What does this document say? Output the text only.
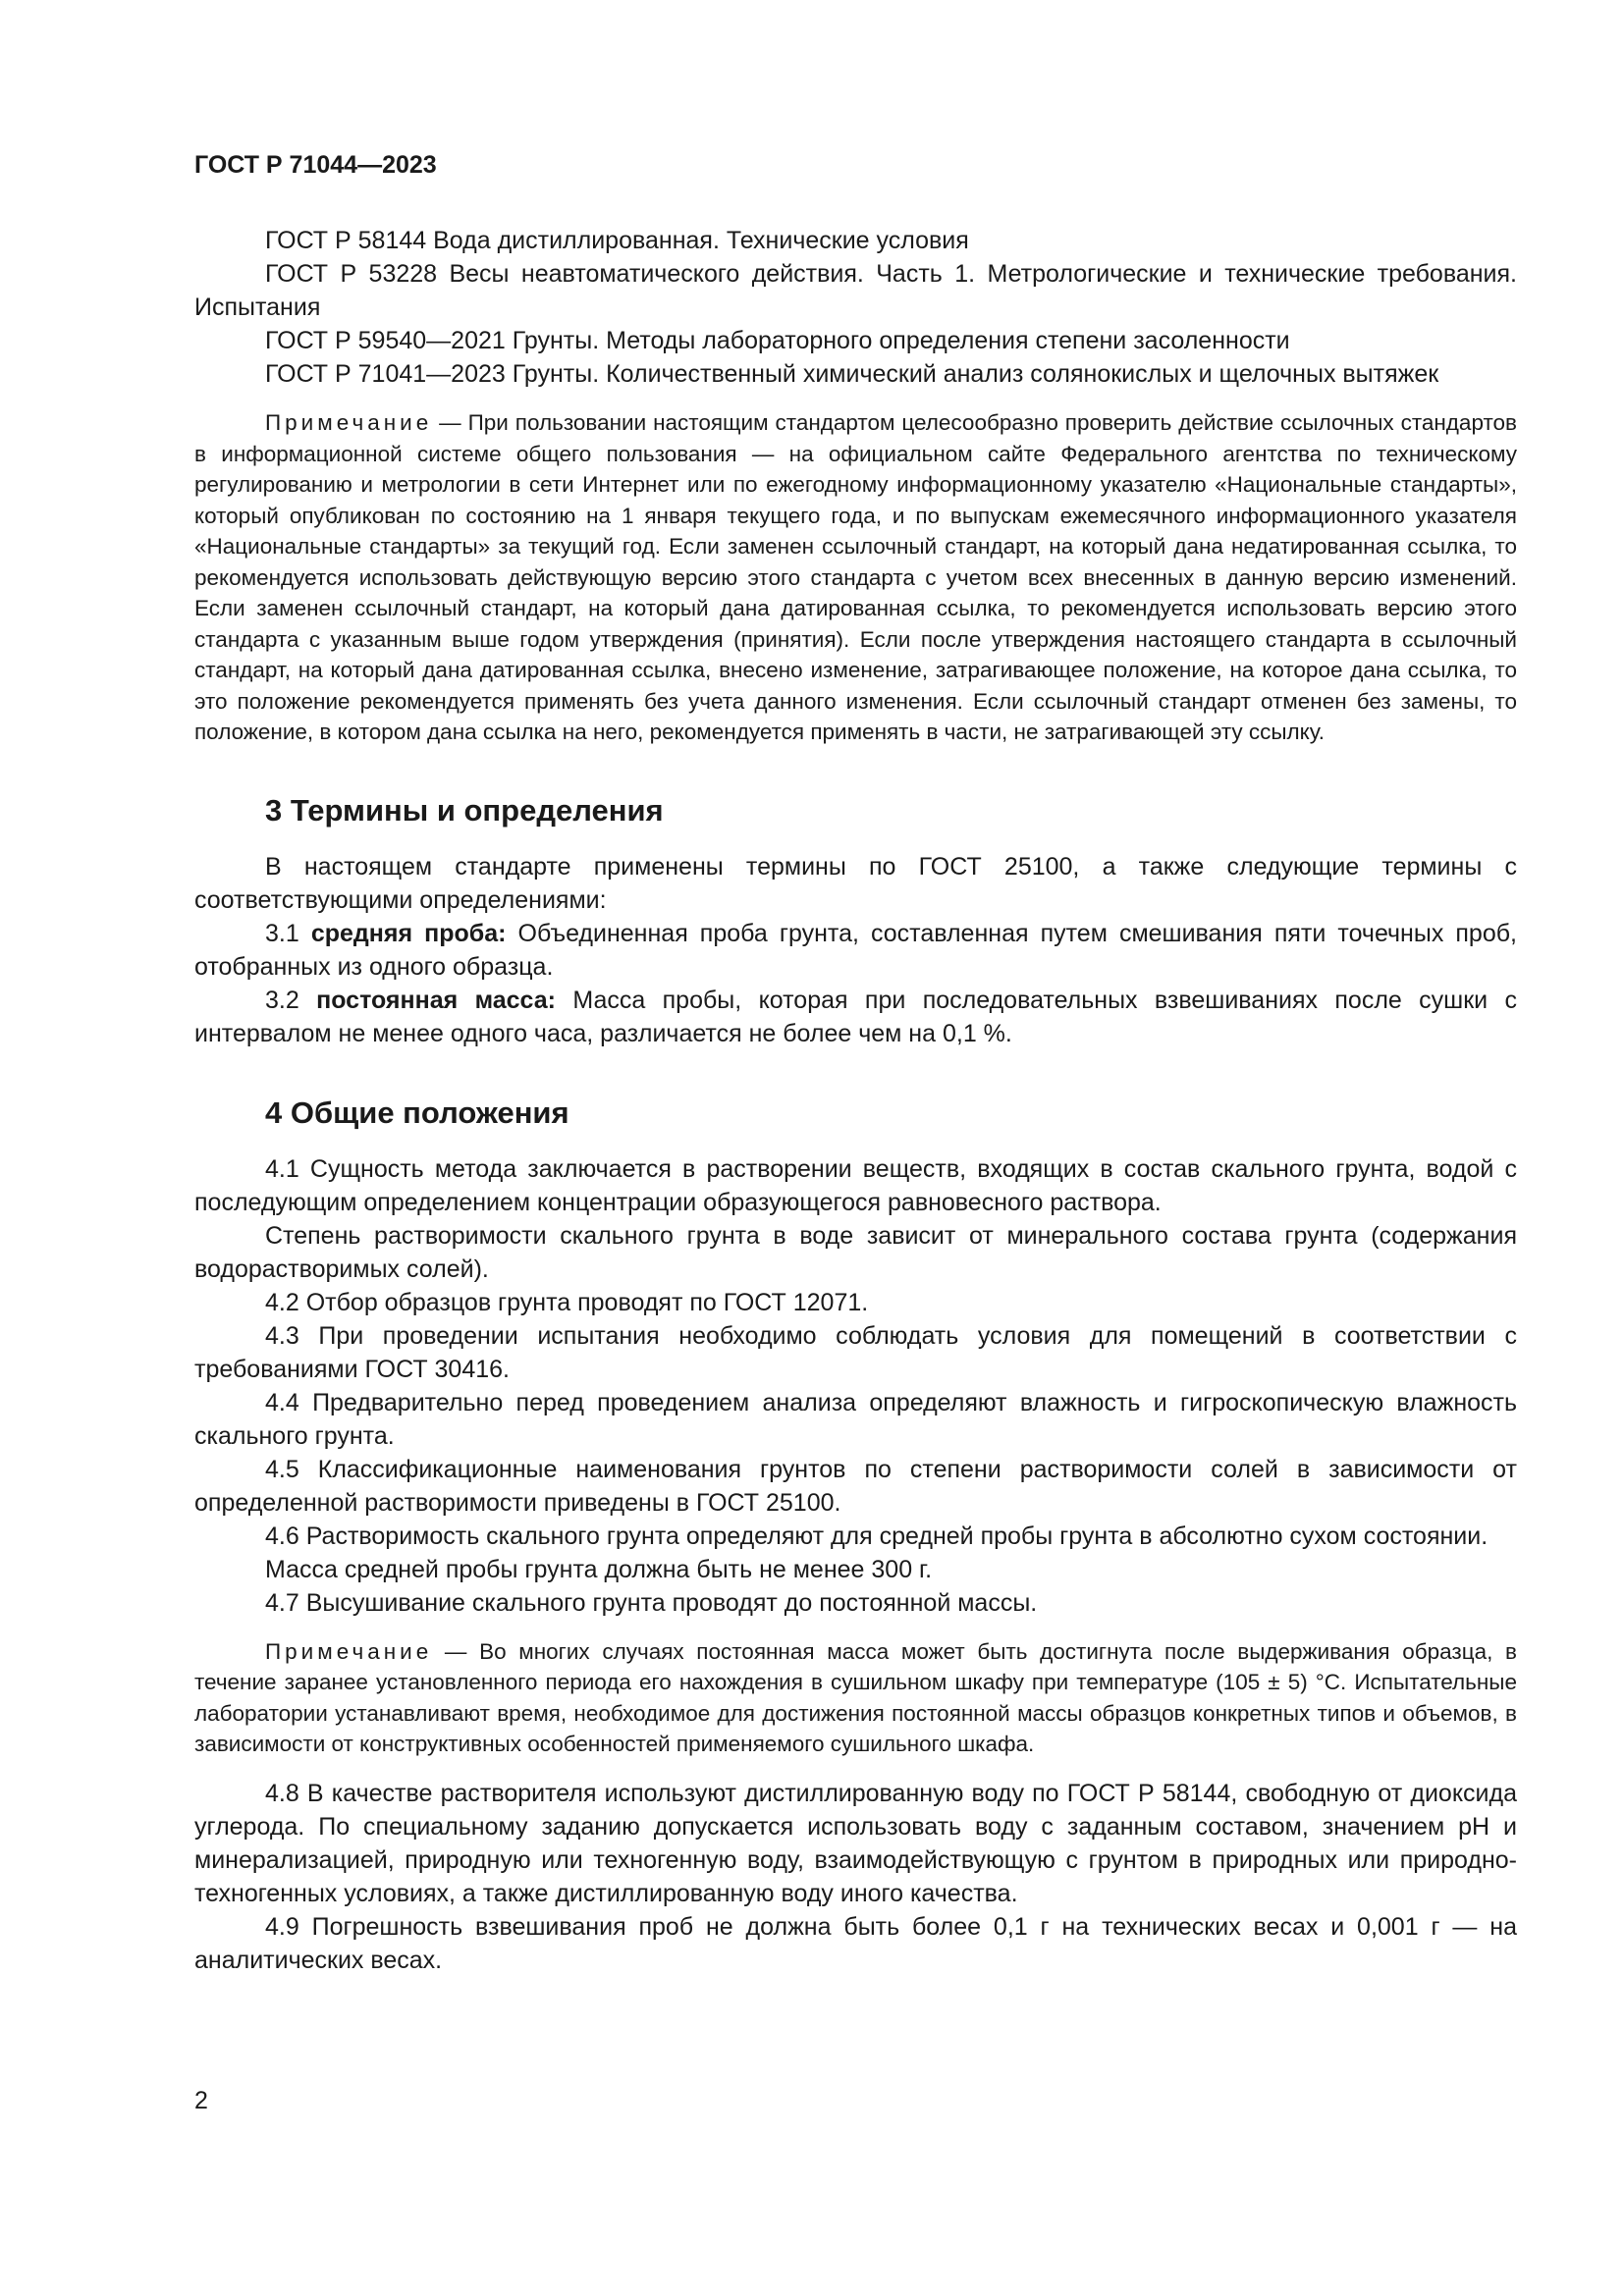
ГОСТ Р 71044—2023

ГОСТ Р 58144 Вода дистиллированная. Технические условия

ГОСТ Р 53228 Весы неавтоматического действия. Часть 1. Метрологические и технические требования. Испытания

ГОСТ Р 59540—2021 Грунты. Методы лабораторного определения степени засоленности

ГОСТ Р 71041—2023 Грунты. Количественный химический анализ солянокислых и щелочных вытяжек

Примечание — При пользовании настоящим стандартом целесообразно проверить действие ссылочных стандартов в информационной системе общего пользования — на официальном сайте Федерального агентства по техническому регулированию и метрологии в сети Интернет или по ежегодному информационному указателю «Национальные стандарты», который опубликован по состоянию на 1 января текущего года, и по выпускам ежемесячного информационного указателя «Национальные стандарты» за текущий год. Если заменен ссылочный стандарт, на который дана недатированная ссылка, то рекомендуется использовать действующую версию этого стандарта с учетом всех внесенных в данную версию изменений. Если заменен ссылочный стандарт, на который дана датированная ссылка, то рекомендуется использовать версию этого стандарта с указанным выше годом утверждения (принятия). Если после утверждения настоящего стандарта в ссылочный стандарт, на который дана датированная ссылка, внесено изменение, затрагивающее положение, на которое дана ссылка, то это положение рекомендуется применять без учета данного изменения. Если ссылочный стандарт отменен без замены, то положение, в котором дана ссылка на него, рекомендуется применять в части, не затрагивающей эту ссылку.

3 Термины и определения

В настоящем стандарте применены термины по ГОСТ 25100, а также следующие термины с соответствующими определениями:

3.1 средняя проба: Объединенная проба грунта, составленная путем смешивания пяти точечных проб, отобранных из одного образца.

3.2 постоянная масса: Масса пробы, которая при последовательных взвешиваниях после сушки с интервалом не менее одного часа, различается не более чем на 0,1 %.

4 Общие положения

4.1 Сущность метода заключается в растворении веществ, входящих в состав скального грунта, водой с последующим определением концентрации образующегося равновесного раствора.

Степень растворимости скального грунта в воде зависит от минерального состава грунта (содержания водорастворимых солей).

4.2 Отбор образцов грунта проводят по ГОСТ 12071.

4.3 При проведении испытания необходимо соблюдать условия для помещений в соответствии с требованиями ГОСТ 30416.

4.4 Предварительно перед проведением анализа определяют влажность и гигроскопическую влажность скального грунта.

4.5 Классификационные наименования грунтов по степени растворимости солей в зависимости от определенной растворимости приведены в ГОСТ 25100.

4.6 Растворимость скального грунта определяют для средней пробы грунта в абсолютно сухом состоянии.

Масса средней пробы грунта должна быть не менее 300 г.

4.7 Высушивание скального грунта проводят до постоянной массы.

Примечание — Во многих случаях постоянная масса может быть достигнута после выдерживания образца, в течение заранее установленного периода его нахождения в сушильном шкафу при температуре (105 ± 5) °С. Испытательные лаборатории устанавливают время, необходимое для достижения постоянной массы образцов конкретных типов и объемов, в зависимости от конструктивных особенностей применяемого сушильного шкафа.

4.8 В качестве растворителя используют дистиллированную воду по ГОСТ Р 58144, свободную от диоксида углерода. По специальному заданию допускается использовать воду с заданным составом, значением рН и минерализацией, природную или техногенную воду, взаимодействующую с грунтом в природных или природно-техногенных условиях, а также дистиллированную воду иного качества.

4.9 Погрешность взвешивания проб не должна быть более 0,1 г на технических весах и 0,001 г — на аналитических весах.

2
